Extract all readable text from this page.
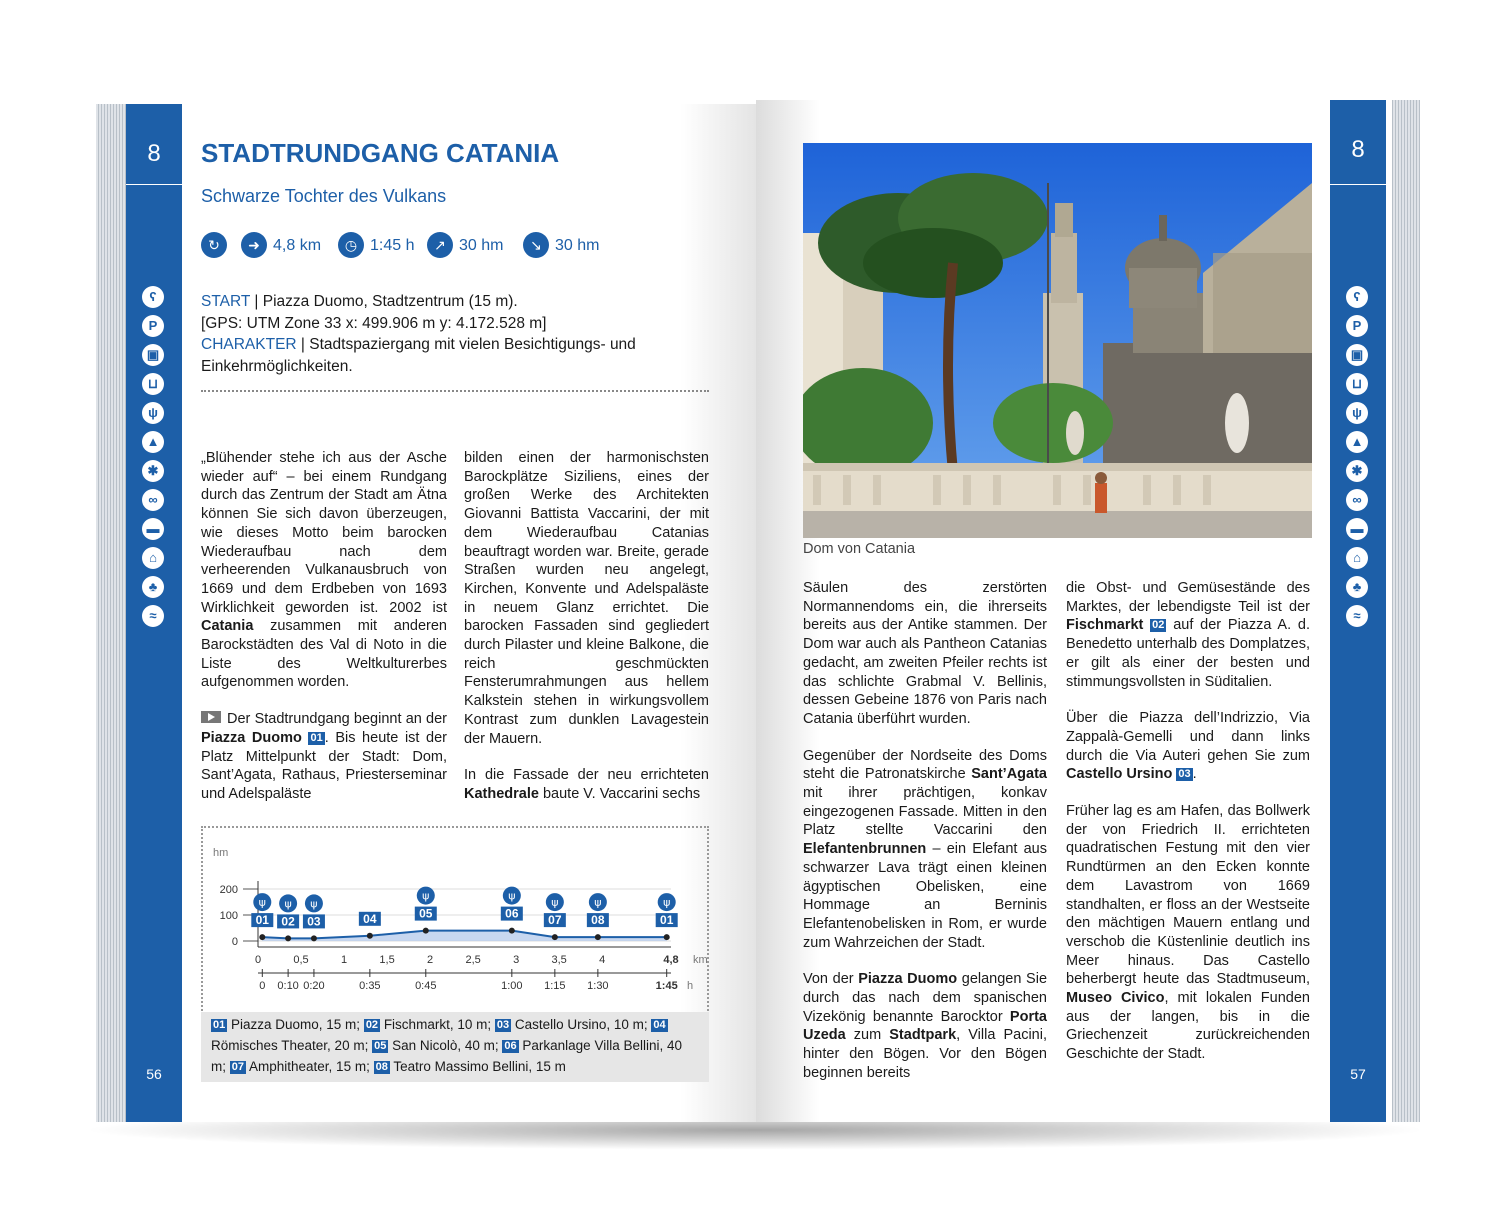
8
56
STADTRUNDGANG CATANIA
Schwarze Tochter des Vulkans
↻	➜ 4,8 km	◷ 1:45 h	↗ 30 hm	↘ 30 hm
START | Piazza Duomo, Stadtzentrum (15 m).
[GPS: UTM Zone 33 x: 499.906 m y: 4.172.528 m]
CHARAKTER | Stadtspaziergang mit vielen Besichtigungs- und Einkehrmöglichkeiten.

„Blühender stehe ich aus der Asche wieder auf“ – bei einem Rundgang durch das Zentrum der Stadt am Ätna können Sie sich davon überzeugen, wie dieses Motto beim barocken Wiederaufbau nach dem verheerenden Vulkanausbruch von 1669 und dem Erdbeben von 1693 Wirklichkeit geworden ist. 2002 ist Catania zusammen mit anderen Barockstädten des Val di Noto in die Liste des Weltkulturerbes aufgenommen worden.

Der Stadtrundgang beginnt an der Piazza Duomo 01 . Bis heute ist der Platz Mittelpunkt der Stadt: Dom, Sant’Agata, Rathaus, Priesterseminar und Adelspaläste

bilden einen der harmonischsten Barockplätze Siziliens, eines der großen Werke des Architekten Giovanni Battista Vaccarini, der mit dem Wiederaufbau Catanias beauftragt worden war. Breite, gerade Straßen wurden neu angelegt, Kirchen, Konvente und Adelspaläste in neuem Glanz errichtet. Die barocken Fassaden sind gegliedert durch Pilaster und kleine Balkone, die reich geschmückten Fensterumrahmungen aus hellem Kalkstein stehen in wirkungsvollem Kontrast zum dunklen Lavagestein der Mauern.

In die Fassade der neu errichteten Kathedrale baute V. Vaccarini sechs

hm
200
100
0
0	0,5	1	1,5	2	2,5	3	3,5	4	4,8 km
0
01
ψ
0:10
02
ψ
0:20
03
ψ
0:35
04
0:45
05
ψ
1:00
06
ψ
1:15
07
ψ
1:30
08
ψ
1:45
01
ψ
h
01 Piazza Duomo, 15 m; 02 Fischmarkt, 10 m; 03 Castello Ursino, 10 m; 04 Römisches Theater, 20 m; 05 San Nicolò, 40 m; 06 Parkanlage Villa Bellini, 40 m; 07 Amphitheater, 15 m; 08 Teatro Massimo Bellini, 15 m
8
57
ʕ
P
▣
⊔
ψ
▲
✱
∞
▬
⌂
♣
≈
ʕ
P
▣
⊔
ψ
▲
✱
∞
▬
⌂
♣
≈
Dom von Catania

Säulen des zerstörten Normannendoms ein, die ihrerseits bereits aus der Antike stammen. Der Dom war auch als Pantheon Catanias gedacht, am zweiten Pfeiler rechts ist das schlichte Grabmal V. Bellinis, dessen Gebeine 1876 von Paris nach Catania überführt wurden.

Gegenüber der Nordseite des Doms steht die Patronatskirche Sant’Agata mit ihrer prächtigen, konkav eingezogenen Fassade. Mitten in den Platz stellte Vaccarini den Elefantenbrunnen – ein Elefant aus schwarzer Lava trägt einen kleinen ägyptischen Obelisken, eine Hommage an Berninis Elefantenobelisken in Rom, er wurde zum Wahrzeichen der Stadt.

Von der Piazza Duomo gelangen Sie durch das nach dem spanischen Vizekönig benannte Barocktor Porta Uzeda zum Stadtpark, Villa Pacini, hinter den Bögen. Vor den Bögen beginnen bereits

die Obst- und Gemüsestände des Marktes, der lebendigste Teil ist der Fischmarkt 02 auf der Piazza A. d. Benedetto unterhalb des Domplatzes, er gilt als einer der besten und stimmungsvollsten in Süditalien.

Über die Piazza dell’Indrizzio, Via Zappalà-Gemelli und dann links durch die Via Auteri gehen Sie zum Castello Ursino 03 .

Früher lag es am Hafen, das Bollwerk der von Friedrich II. errichteten quadratischen Festung mit den vier Rundtürmen an den Ecken konnte dem Lavastrom von 1669 standhalten, er floss an der Westseite den mächtigen Mauern entlang und verschob die Küstenlinie deutlich ins Meer hinaus. Das Castello beherbergt heute das Stadtmuseum, Museo Civico, mit lokalen Funden aus der langen, bis in die Griechenzeit zurückreichenden Geschichte der Stadt.
